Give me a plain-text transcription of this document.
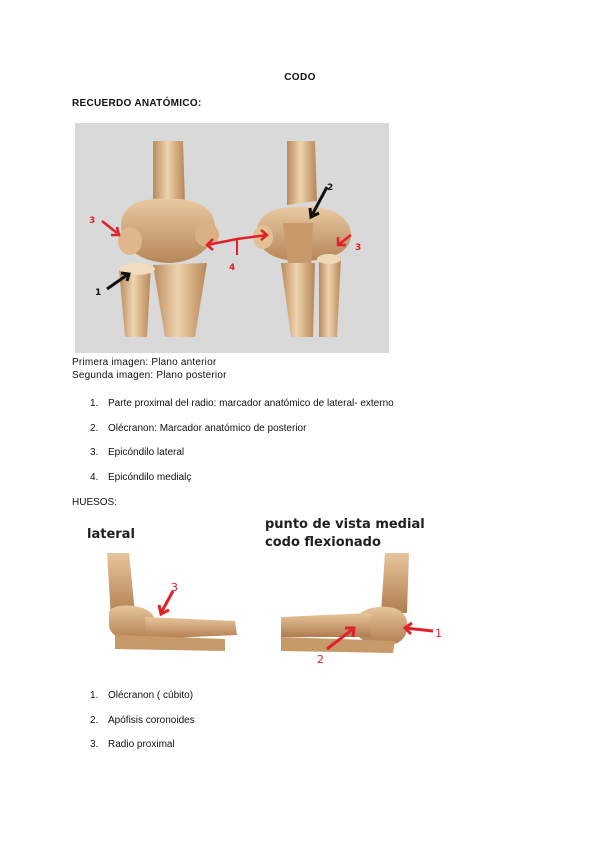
CODO
RECUERDO ANATÓMICO:
1
2
3
4
3
Primera imagen: Plano anterior
Segunda imagen: Plano posterior
1. Parte proximal del radio: marcador anatómico de lateral- externo
2. Olécranon: Marcador anatómico de posterior
3. Epicóndilo lateral
4. Epicóndilo medialç
HUESOS:
lateral
punto de vista medial
codo flexionado
3
1
2
1. Olécranon ( cúbito)
2. Apófisis coronoides
3. Radio proximal
